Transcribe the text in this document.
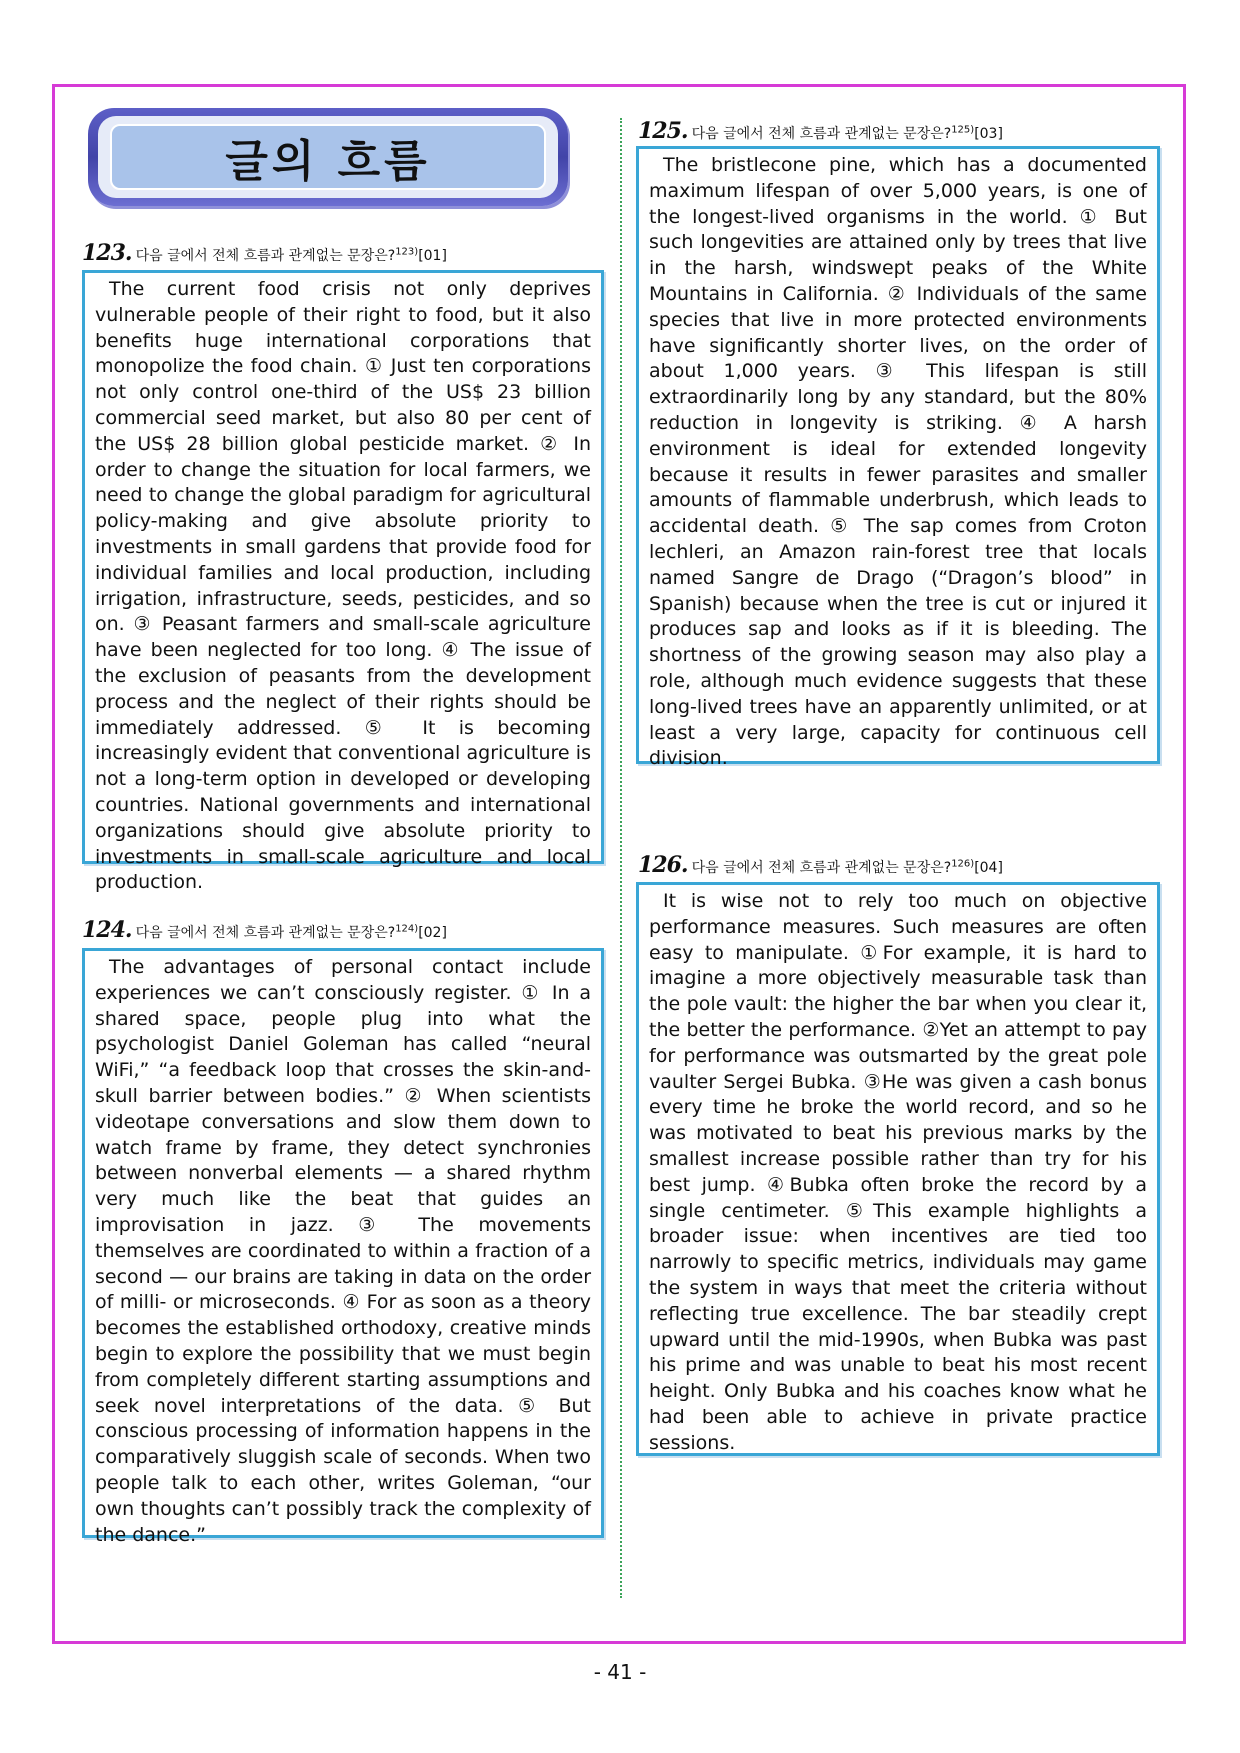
글의 흐름
123. 다음 글에서 전체 흐름과 관계없는 문장은?$^{123)}$[01]

The current food crisis not only deprives vulnerable people of their right to food, but it also benefits huge international corporations that monopolize the food chain. ① Just ten corporations not only control one-third of the US$ 23 billion commercial seed market, but also 80 per cent of the US$ 28 billion global pesticide market. ② In order to change the situation for local farmers, we need to change the global paradigm for agricultural policy-making and give absolute priority to investments in small gardens that provide food for individual families and local production, including irrigation, infrastructure, seeds, pesticides, and so on. ③ Peasant farmers and small-scale agriculture have been neglected for too long. ④ The issue of the exclusion of peasants from the development process and the neglect of their rights should be immediately addressed. ⑤ It is becoming increasingly evident that conventional agriculture is not a long-term option in developed or developing countries. National governments and international organizations should give absolute priority to investments in small-scale agriculture and local production.

124. 다음 글에서 전체 흐름과 관계없는 문장은?$^{124)}$[02]

The advantages of personal contact include experiences we can’t consciously register. ① In a shared space, people plug into what the psychologist Daniel Goleman has called “neural WiFi,” “a feedback loop that crosses the skin-and-skull barrier between bodies.” ② When scientists videotape conversations and slow them down to watch frame by frame, they detect synchronies between nonverbal elements — a shared rhythm very much like the beat that guides an improvisation in jazz. ③ The movements themselves are coordinated to within a fraction of a second — our brains are taking in data on the order of milli- or microseconds. ④ For as soon as a theory becomes the established orthodoxy, creative minds begin to explore the possibility that we must begin from completely different starting assumptions and seek novel interpretations of the data. ⑤ But conscious processing of information happens in the comparatively sluggish scale of seconds. When two people talk to each other, writes Goleman, “our own thoughts can’t possibly track the complexity of the dance.”

125. 다음 글에서 전체 흐름과 관계없는 문장은?$^{125)}$[03]

The bristlecone pine, which has a documented maximum lifespan of over 5,000 years, is one of the longest-lived organisms in the world. ① But such longevities are attained only by trees that live in the harsh, windswept peaks of the White Mountains in California. ② Individuals of the same species that live in more protected environments have significantly shorter lives, on the order of about 1,000 years. ③ This lifespan is still extraordinarily long by any standard, but the 80% reduction in longevity is striking. ④ A harsh environment is ideal for extended longevity because it results in fewer parasites and smaller amounts of flammable underbrush, which leads to accidental death. ⑤ The sap comes from Croton lechleri, an Amazon rain-forest tree that locals named Sangre de Drago (“Dragon’s blood” in Spanish) because when the tree is cut or injured it produces sap and looks as if it is bleeding. The shortness of the growing season may also play a role, although much evidence suggests that these long-lived trees have an apparently unlimited, or at least a very large, capacity for continuous cell division.

126. 다음 글에서 전체 흐름과 관계없는 문장은?$^{126)}$[04]

It is wise not to rely too much on objective performance measures. Such measures are often easy to manipulate. ①For example, it is hard to imagine a more objectively measurable task than the pole vault: the higher the bar when you clear it, the better the performance. ②Yet an attempt to pay for performance was outsmarted by the great pole vaulter Sergei Bubka. ③He was given a cash bonus every time he broke the world record, and so he was motivated to beat his previous marks by the smallest increase possible rather than try for his best jump. ④Bubka often broke the record by a single centimeter. ⑤This example highlights a broader issue: when incentives are tied too narrowly to specific metrics, individuals may game the system in ways that meet the criteria without reflecting true excellence. The bar steadily crept upward until the mid-1990s, when Bubka was past his prime and was unable to beat his most recent height. Only Bubka and his coaches know what he had been able to achieve in private practice sessions.

- 41 -
